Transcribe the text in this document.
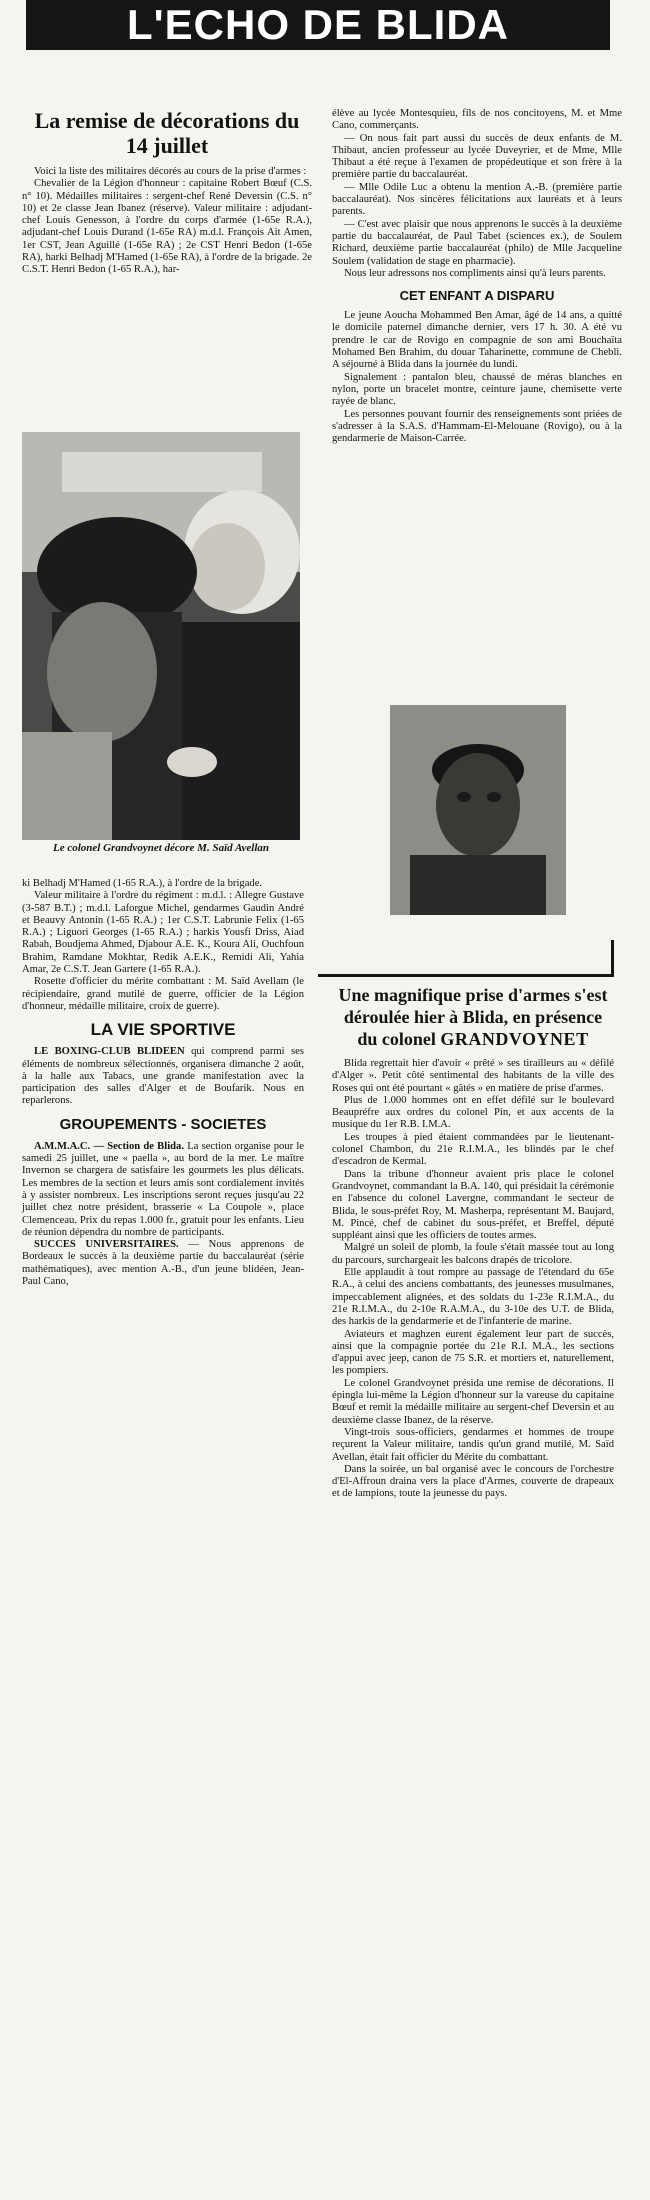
L'ECHO DE BLIDA
La remise de décorations du 14 juillet

Voici la liste des militaires décorés au cours de la prise d'armes :

Chevalier de la Légion d'honneur : capitaine Robert Bœuf (C.S. n° 10). Médailles militaires : sergent-chef René Deversin (C.S. n° 10) et 2e classe Jean Ibanez (réserve). Valeur militaire : adjudant-chef Louis Genesson, à l'ordre du corps d'armée (1-65e R.A.), adjudant-chef Louis Durand (1-65e RA) m.d.l. François Ait Amen, 1er CST, Jean Aguillé (1-65e RA) ; 2e CST Henri Bedon (1-65e RA), harki Belhadj M'Hamed (1-65e RA), à l'ordre de la brigade. 2e C.S.T. Henri Bedon (1-65 R.A.), har-

Le colonel Grandvoynet décore M. Saïd Avellan

ki Belhadj M'Hamed (1-65 R.A.), à l'ordre de la brigade.

Valeur militaire à l'ordre du régiment : m.d.l. : Allegre Gustave (3-587 B.T.) ; m.d.l. Laforgue Michel, gendarmes Gaudin André et Beauvy Antonin (1-65 R.A.) ; 1er C.S.T. Labrunie Felix (1-65 R.A.) ; Liguori Georges (1-65 R.A.) ; harkis Yousfi Driss, Aiad Rabah, Boudjema Ahmed, Djabour A.E. K., Koura Ali, Ouchfoun Brahim, Ramdane Mokhtar, Redik A.E.K., Remidi Ali, Yahia Amar, 2e C.S.T. Jean Gartere (1-65 R.A.).

Rosette d'officier du mérite combattant : M. Saïd Avellam (le récipiendaire, grand mutilé de guerre, officier de la Légion d'honneur, médaille militaire, croix de guerre).

LA VIE SPORTIVE

LE BOXING-CLUB BLIDEEN qui comprend parmi ses éléments de nombreux sélectionnés, organisera dimanche 2 août, à la halle aux Tabacs, une grande manifestation avec la participation des salles d'Alger et de Boufarik. Nous en reparlerons.

GROUPEMENTS - SOCIETES

A.M.M.A.C. — Section de Blida. La section organise pour le samedi 25 juillet, une « paella », au bord de la mer. Le maître Invernon se chargera de satisfaire les gourmets les plus délicats. Les membres de la section et leurs amis sont cordialement invités à y assister nombreux. Les inscriptions seront reçues jusqu'au 22 juillet chez notre président, brasserie « La Coupole », place Clemenceau. Prix du repas 1.000 fr., gratuit pour les enfants. Lieu de réunion dépendra du nombre de participants.

SUCCES UNIVERSITAIRES. — Nous apprenons de Bordeaux le succès à la deuxième partie du baccalauréat (série mathématiques), avec mention A.-B., d'un jeune blidéen, Jean-Paul Cano,

élève au lycée Montesquieu, fils de nos concitoyens, M. et Mme Cano, commerçants.

— On nous fait part aussi du succès de deux enfants de M. Thibaut, ancien professeur au lycée Duveyrier, et de Mme, Mlle Thibaut a été reçue à l'examen de propédeutique et son frère à la première partie du baccalauréat.

— Mlle Odile Luc a obtenu la mention A.-B. (première partie baccalauréat). Nos sincères félicitations aux lauréats et à leurs parents.

— C'est avec plaisir que nous apprenons le succès à la deuxième partie du baccalauréat, de Paul Tabet (sciences ex.), de Soulem Richard, deuxième partie baccalauréat (philo) de Mlle Jacqueline Soulem (validation de stage en pharmacie).

Nous leur adressons nos compliments ainsi qu'à leurs parents.

CET ENFANT A DISPARU

Le jeune Aoucha Mohammed Ben Amar, âgé de 14 ans, a quitté le domicile paternel dimanche dernier, vers 17 h. 30. A été vu prendre le car de Rovigo en compagnie de son ami Bouchaïta Mohamed Ben Brahim, du douar Taharinette, commune de Chebli. A séjourné à Blida dans la journée du lundi.

Signalement : pantalon bleu, chaussé de méras blanches en nylon, porte un bracelet montre, ceinture jaune, chemisette verte rayée de blanc.

Les personnes pouvant fournir des renseignements sont priées de s'adresser à la S.A.S. d'Hammam-El-Melouane (Rovigo), ou à la gendarmerie de Maison-Carrée.

Une magnifique prise d'armes s'est déroulée hier à Blida, en présence du colonel GRANDVOYNET

Blida regrettait hier d'avoir « prêté » ses tirailleurs au « défilé d'Alger ». Petit côté sentimental des habitants de la ville des Roses qui ont été pourtant « gâtés » en matière de prise d'armes.

Plus de 1.000 hommes ont en effet défilé sur le boulevard Beaupréfre aux ordres du colonel Pin, et aux accents de la musique du 1er R.B. I.M.A.

Les troupes à pied étaient commandées par le lieutenant-colonel Chambon, du 21e R.I.M.A., les blindés par le chef d'escadron de Kermal.

Dans la tribune d'honneur avaient pris place le colonel Grandvoynet, commandant la B.A. 140, qui présidait la cérémonie en l'absence du colonel Lavergne, commandant le secteur de Blida, le sous-préfet Roy, M. Masherpa, représentant M. Baujard, M. Pincé, chef de cabinet du sous-préfet, et Breffel, député suppléant ainsi que les officiers de toutes armes.

Malgré un soleil de plomb, la foule s'était massée tout au long du parcours, surchargeait les balcons drapés de tricolore.

Elle applaudit à tout rompre au passage de l'étendard du 65e R.A., à celui des anciens combattants, des jeunesses musulmanes, impeccablement alignées, et des soldats du 1-23e R.I.M.A., du 21e R.I.M.A., du 2-10e R.A.M.A., du 3-10e des U.T. de Blida, des harkis de la gendarmerie et de l'infanterie de marine.

Aviateurs et maghzen eurent également leur part de succès, ainsi que la compagnie portée du 21e R.I. M.A., les sections d'appui avec jeep, canon de 75 S.R. et mortiers et, naturellement, les pompiers.

Le colonel Grandvoynet présida une remise de décorations. Il épingla lui-même la Légion d'honneur sur la vareuse du capitaine Bœuf et remit la médaille militaire au sergent-chef Deversin et au deuxième classe Ibanez, de la réserve.

Vingt-trois sous-officiers, gendarmes et hommes de troupe reçurent la Valeur militaire, tandis qu'un grand mutilé, M. Saïd Avellan, était fait officier du Mérite du combattant.

Dans la soirée, un bal organisé avec le concours de l'orchestre d'El-Affroun draina vers la place d'Armes, couverte de drapeaux et de lampions, toute la jeunesse du pays.
